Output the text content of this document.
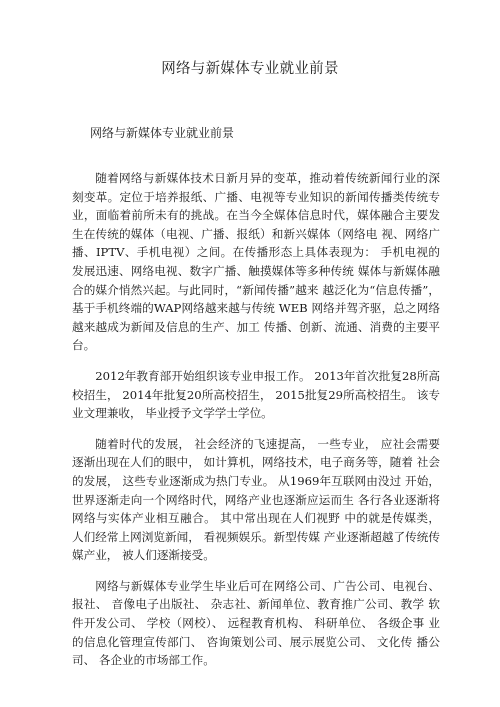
网络与新媒体专业就业前景
网络与新媒体专业就业前景

随着网络与新媒体技术日新月异的变革，推动着传统新闻行业的深刻变革。定位于培养报纸、广播、电视等专业知识的新闻传播类传统专业，面临着前所未有的挑战。在当今全媒体信息时代，媒体融合主要发生在传统的媒体（电视、广播、报纸）和新兴媒体（网络电 视、网络广播、IPTV、手机电视）之间。在传播形态上具体表现为： 手机电视的发展迅速、网络电视、数字广播、触摸媒体等多种传统 媒体与新媒体融合的媒介悄然兴起。与此同时，“新闻传播”越来 越泛化为“信息传播”，基于手机终端的WAP网络越来越与传统 WEB 网络并驾齐驱，总之网络越来越成为新闻及信息的生产、加工 传播、创新、流通、消费的主要平台。

2012年教育部开始组织该专业申报工作。 2013年首次批复28所高校招生， 2014年批复20所高校招生， 2015批复29所高校招生。 该专业文理兼收， 毕业授予文学学士学位。

随着时代的发展， 社会经济的飞速提高， 一些专业， 应社会需要 逐渐出现在人们的眼中， 如计算机，网络技术，电子商务等，随着 社会的发展， 这些专业逐渐成为热门专业。 从1969年互联网由没过 开始， 世界逐渐走向一个网络时代，网络产业也逐渐应运而生 各行各业逐渐将网络与实体产业相互融合。 其中常出现在人们视野 中的就是传媒类， 人们经常上网浏览新闻， 看视频娱乐。新型传媒 产业逐渐超越了传统传媒产业， 被人们逐渐接受。

网络与新媒体专业学生毕业后可在网络公司、广告公司、电视台、 报社、 音像电子出版社、 杂志社、新闻单位、教育推广公司、教学 软件开发公司、 学校（网校）、 远程教育机构、 科研单位、 各级企事 业的信息化管理宣传部门、 咨询策划公司、展示展览公司、 文化传 播公司、 各企业的市场部工作。
